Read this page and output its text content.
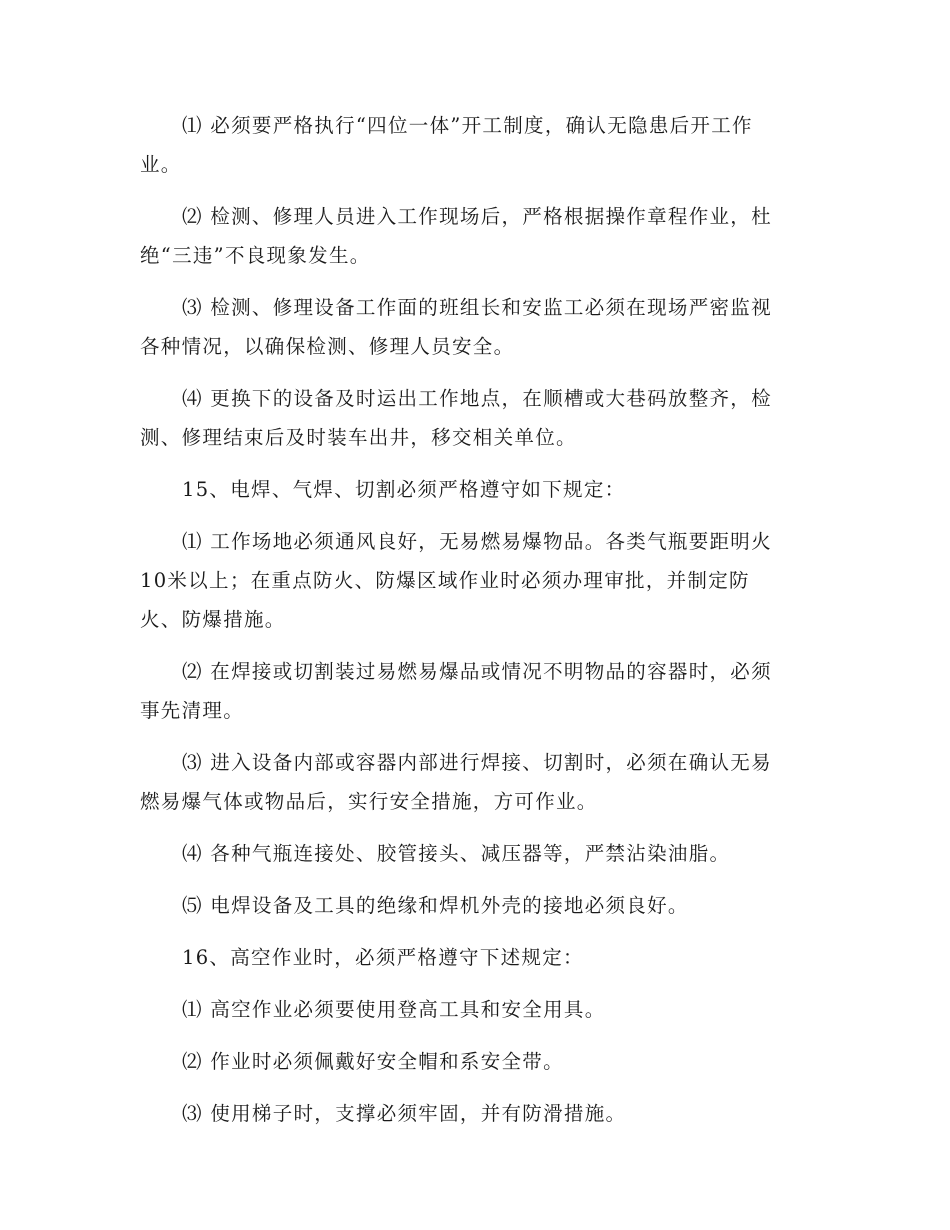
⑴ 必须要严格执行“四位一体”开工制度，确认无隐患后开工作
业。

⑵ 检测、修理人员进入工作现场后，严格根据操作章程作业，杜
绝“三违”不良现象发生。

⑶ 检测、修理设备工作面的班组长和安监工必须在现场严密监视
各种情况，以确保检测、修理人员安全。

⑷ 更换下的设备及时运出工作地点，在顺槽或大巷码放整齐，检
测、修理结束后及时装车出井，移交相关单位。

15、电焊、气焊、切割必须严格遵守如下规定：

⑴ 工作场地必须通风良好，无易燃易爆物品。各类气瓶要距明火
10米以上；在重点防火、防爆区域作业时必须办理审批，并制定防
火、防爆措施。

⑵ 在焊接或切割装过易燃易爆品或情况不明物品的容器时，必须
事先清理。

⑶ 进入设备内部或容器内部进行焊接、切割时，必须在确认无易
燃易爆气体或物品后，实行安全措施，方可作业。

⑷ 各种气瓶连接处、胶管接头、减压器等，严禁沾染油脂。

⑸ 电焊设备及工具的绝缘和焊机外壳的接地必须良好。

16、高空作业时，必须严格遵守下述规定：

⑴ 高空作业必须要使用登高工具和安全用具。

⑵ 作业时必须佩戴好安全帽和系安全带。

⑶ 使用梯子时，支撑必须牢固，并有防滑措施。
